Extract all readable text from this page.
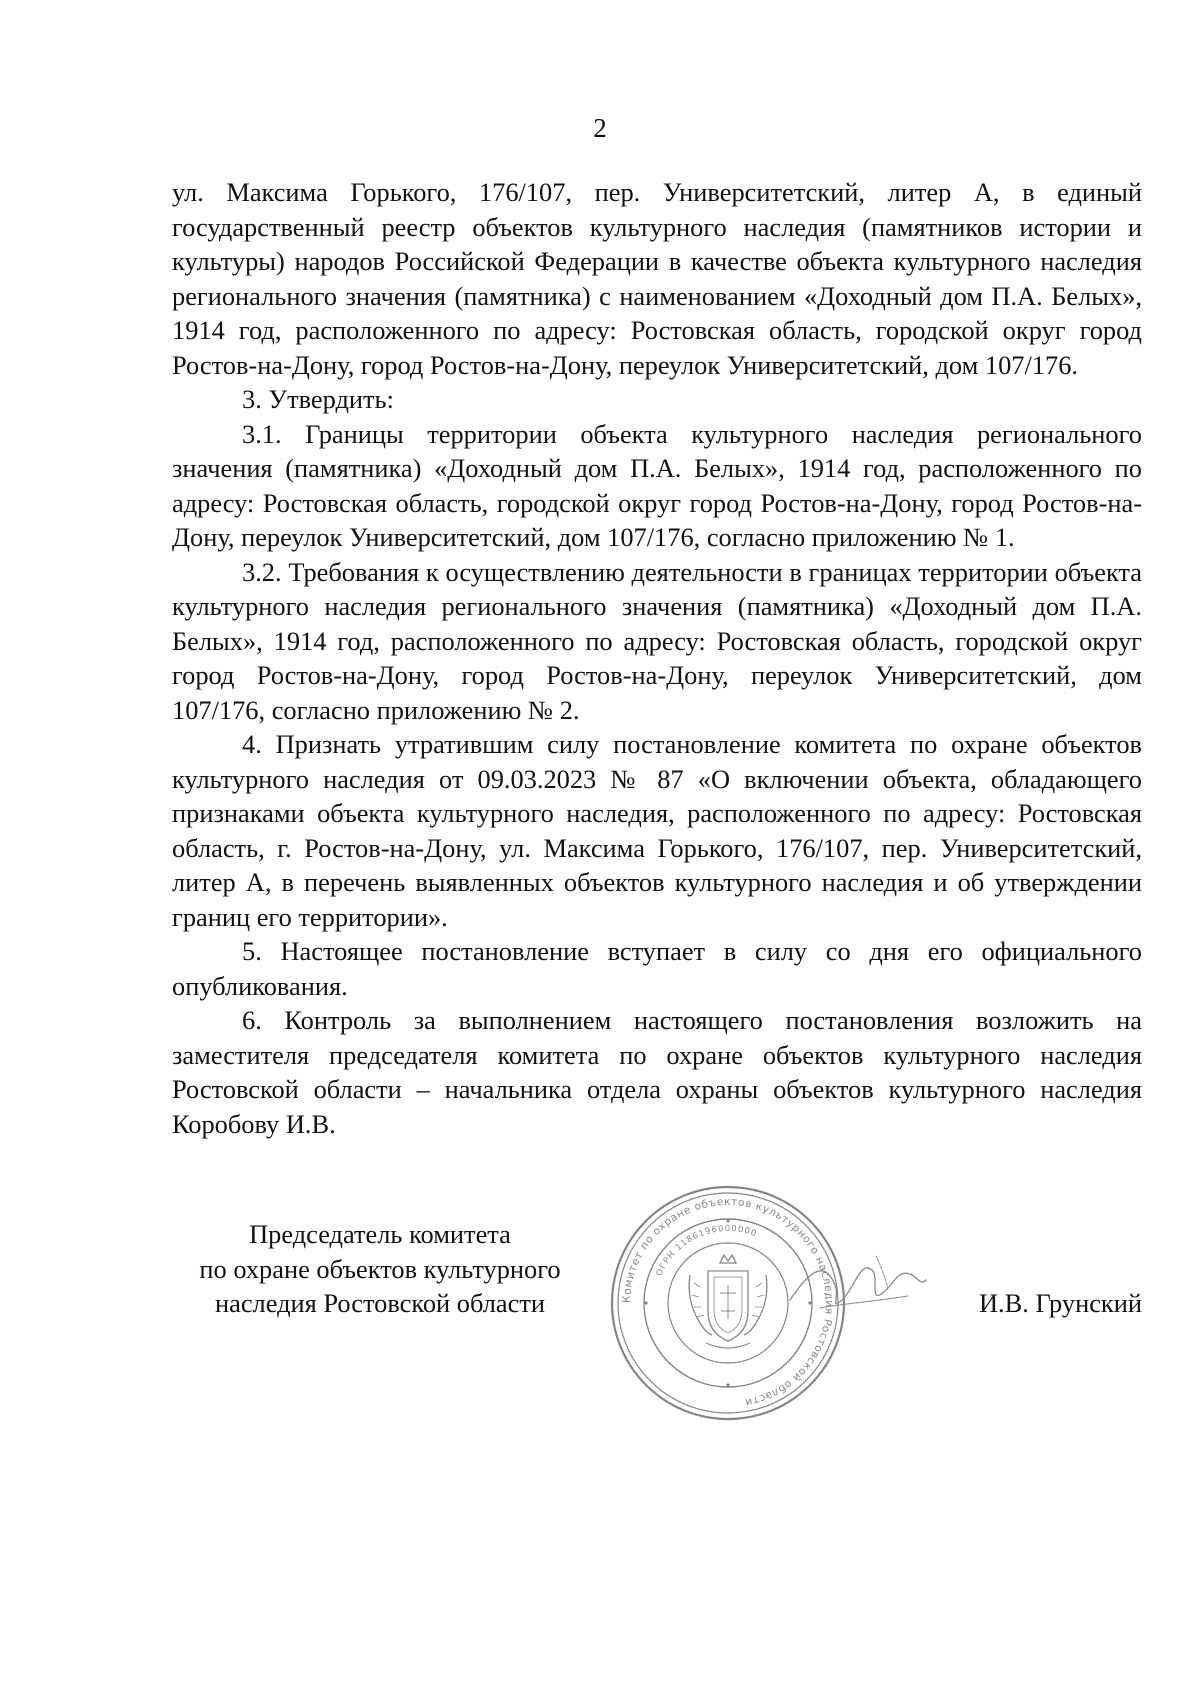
2

ул. Максима Горького, 176/107, пер. Университетский, литер А, в единый государственный реестр объектов культурного наследия (памятников истории и культуры) народов Российской Федерации в качестве объекта культурного наследия регионального значения (памятника) с наименованием «Доходный дом П.А. Белых», 1914 год, расположенного по адресу: Ростовская область, городской округ город Ростов-на-Дону, город Ростов-на-Дону, переулок Университетский, дом 107/176.

3. Утвердить:

3.1. Границы территории объекта культурного наследия регионального значения (памятника) «Доходный дом П.А. Белых», 1914 год, расположенного по адресу: Ростовская область, городской округ город Ростов-на-Дону, город Ростов-на-Дону, переулок Университетский, дом 107/176, согласно приложению № 1.

3.2. Требования к осуществлению деятельности в границах территории объекта культурного наследия регионального значения (памятника) «Доходный дом П.А. Белых», 1914 год, расположенного по адресу: Ростовская область, городской округ город Ростов-на-Дону, город Ростов-на-Дону, переулок Университетский, дом 107/176, согласно приложению № 2.

4. Признать утратившим силу постановление комитета по охране объектов культурного наследия от 09.03.2023 № 87 «О включении объекта, обладающего признаками объекта культурного наследия, расположенного по адресу: Ростовская область, г. Ростов-на-Дону, ул. Максима Горького, 176/107, пер. Университетский, литер А, в перечень выявленных объектов культурного наследия и об утверждении границ его территории».

5. Настоящее постановление вступает в силу со дня его официального опубликования.

6. Контроль за выполнением настоящего постановления возложить на заместителя председателя комитета по охране объектов культурного наследия Ростовской области – начальника отдела охраны объектов культурного наследия Коробову И.В.

Председатель комитета
по охране объектов культурного
наследия Ростовской области	Комитет по охране объектов культурного наследия Ростовской области
ОГРН 1186196000000
И.В. Грунский
